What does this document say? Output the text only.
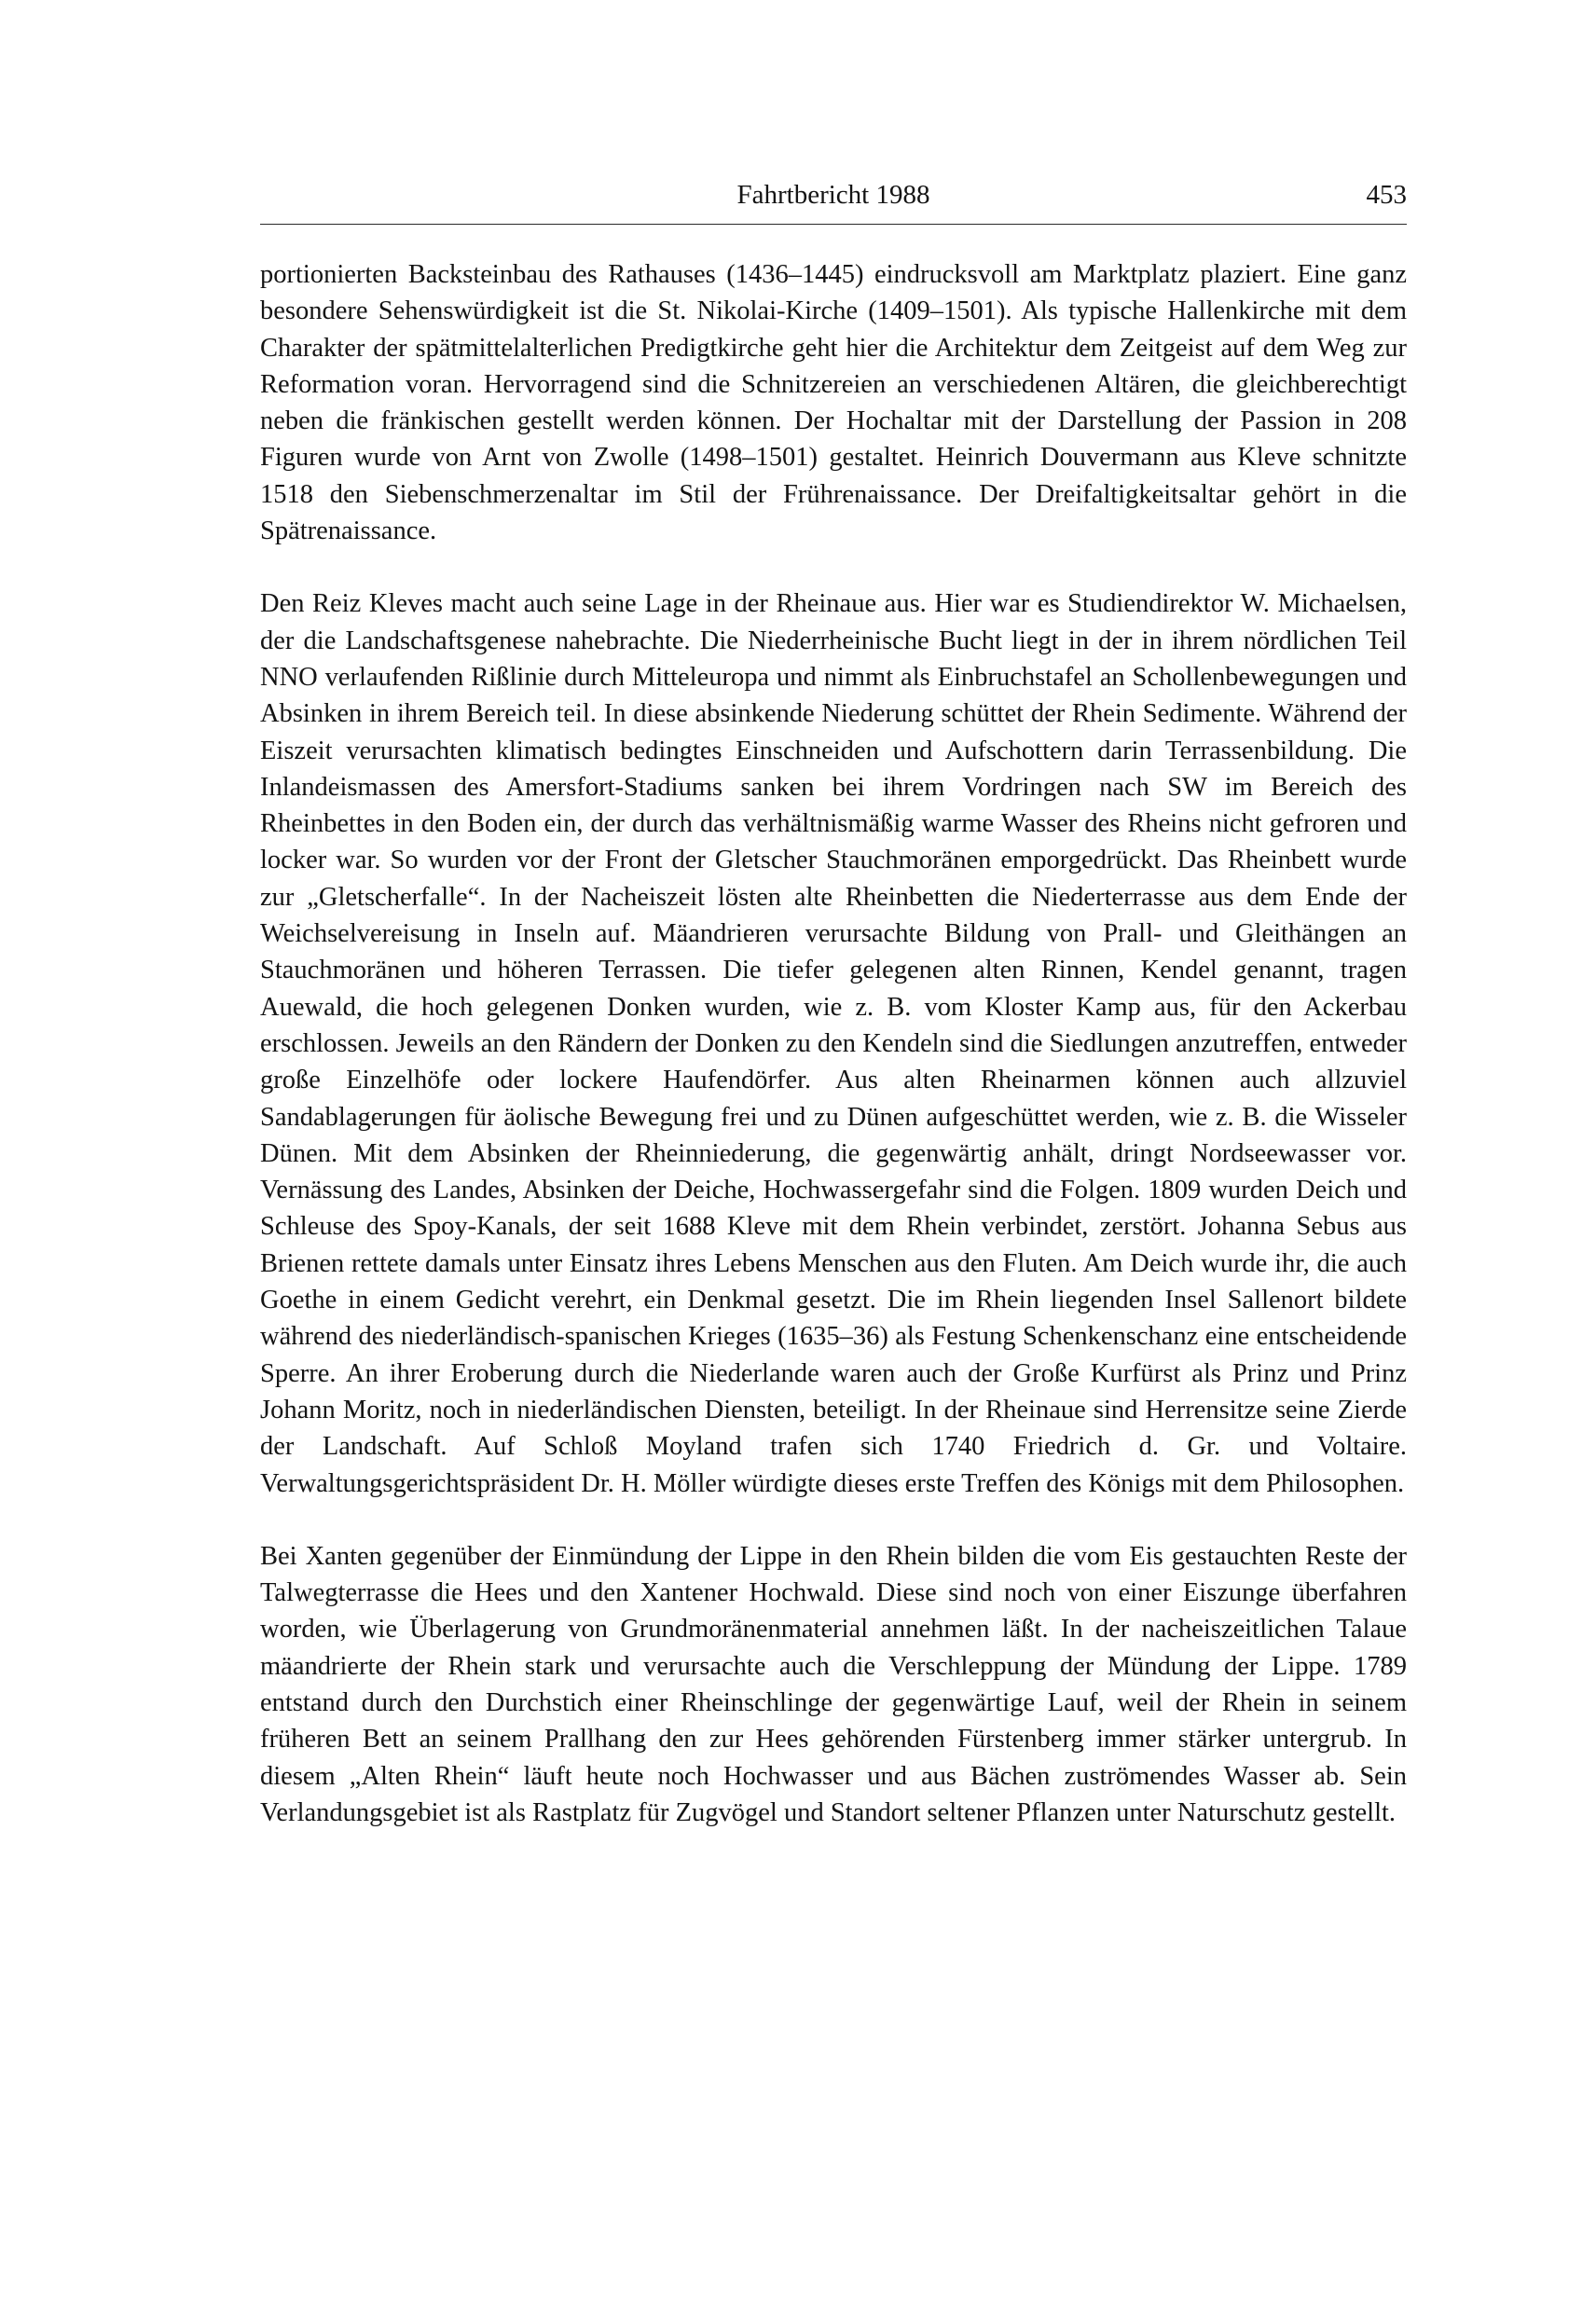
Fahrtbericht 1988	453

portionierten Backsteinbau des Rathauses (1436–1445) eindrucksvoll am Marktplatz plaziert. Eine ganz besondere Sehenswürdigkeit ist die St. Nikolai-Kirche (1409–1501). Als typische Hallenkirche mit dem Charakter der spätmittelalterlichen Predigtkirche geht hier die Architektur dem Zeitgeist auf dem Weg zur Reformation voran. Hervorragend sind die Schnitzereien an verschiedenen Altären, die gleichberechtigt neben die fränkischen gestellt werden können. Der Hochaltar mit der Darstellung der Passion in 208 Figuren wurde von Arnt von Zwolle (1498–1501) gestaltet. Heinrich Douvermann aus Kleve schnitzte 1518 den Siebenschmerzenaltar im Stil der Frührenaissance. Der Dreifaltigkeitsaltar gehört in die Spätrenaissance.

Den Reiz Kleves macht auch seine Lage in der Rheinaue aus. Hier war es Studiendirektor W. Michaelsen, der die Landschaftsgenese nahebrachte. Die Niederrheinische Bucht liegt in der in ihrem nördlichen Teil NNO verlaufenden Rißlinie durch Mitteleuropa und nimmt als Einbruchstafel an Schollenbewegungen und Absinken in ihrem Bereich teil. In diese absinkende Niederung schüttet der Rhein Sedimente. Während der Eiszeit verursachten klimatisch bedingtes Einschneiden und Aufschottern darin Terrassenbildung. Die Inlandeismassen des Amersfort-Stadiums sanken bei ihrem Vordringen nach SW im Bereich des Rheinbettes in den Boden ein, der durch das verhältnismäßig warme Wasser des Rheins nicht gefroren und locker war. So wurden vor der Front der Gletscher Stauchmoränen emporgedrückt. Das Rheinbett wurde zur „Gletscherfalle“. In der Nacheiszeit lösten alte Rheinbetten die Niederterrasse aus dem Ende der Weichselvereisung in Inseln auf. Mäandrieren verursachte Bildung von Prall- und Gleithängen an Stauchmoränen und höheren Terrassen. Die tiefer gelegenen alten Rinnen, Kendel genannt, tragen Auewald, die hoch gelegenen Donken wurden, wie z. B. vom Kloster Kamp aus, für den Ackerbau erschlossen. Jeweils an den Rändern der Donken zu den Kendeln sind die Siedlungen anzutreffen, entweder große Einzelhöfe oder lockere Haufendörfer. Aus alten Rheinarmen können auch allzuviel Sandablagerungen für äolische Bewegung frei und zu Dünen aufgeschüttet werden, wie z. B. die Wisseler Dünen. Mit dem Absinken der Rheinniederung, die gegenwärtig anhält, dringt Nordseewasser vor. Vernässung des Landes, Absinken der Deiche, Hochwassergefahr sind die Folgen. 1809 wurden Deich und Schleuse des Spoy-Kanals, der seit 1688 Kleve mit dem Rhein verbindet, zerstört. Johanna Sebus aus Brienen rettete damals unter Einsatz ihres Lebens Menschen aus den Fluten. Am Deich wurde ihr, die auch Goethe in einem Gedicht verehrt, ein Denkmal gesetzt. Die im Rhein liegenden Insel Sallenort bildete während des niederländisch-spanischen Krieges (1635–36) als Festung Schenkenschanz eine entscheidende Sperre. An ihrer Eroberung durch die Niederlande waren auch der Große Kurfürst als Prinz und Prinz Johann Moritz, noch in niederländischen Diensten, beteiligt. In der Rheinaue sind Herrensitze seine Zierde der Landschaft. Auf Schloß Moyland trafen sich 1740 Friedrich d. Gr. und Voltaire. Verwaltungsgerichtspräsident Dr. H. Möller würdigte dieses erste Treffen des Königs mit dem Philosophen.

Bei Xanten gegenüber der Einmündung der Lippe in den Rhein bilden die vom Eis gestauchten Reste der Talwegterrasse die Hees und den Xantener Hochwald. Diese sind noch von einer Eiszunge überfahren worden, wie Überlagerung von Grundmoränenmaterial annehmen läßt. In der nacheiszeitlichen Talaue mäandrierte der Rhein stark und verursachte auch die Verschleppung der Mündung der Lippe. 1789 entstand durch den Durchstich einer Rheinschlinge der gegenwärtige Lauf, weil der Rhein in seinem früheren Bett an seinem Prallhang den zur Hees gehörenden Fürstenberg immer stärker untergrub. In diesem „Alten Rhein“ läuft heute noch Hochwasser und aus Bächen zuströmendes Wasser ab. Sein Verlandungsgebiet ist als Rastplatz für Zugvögel und Standort seltener Pflanzen unter Naturschutz gestellt.
